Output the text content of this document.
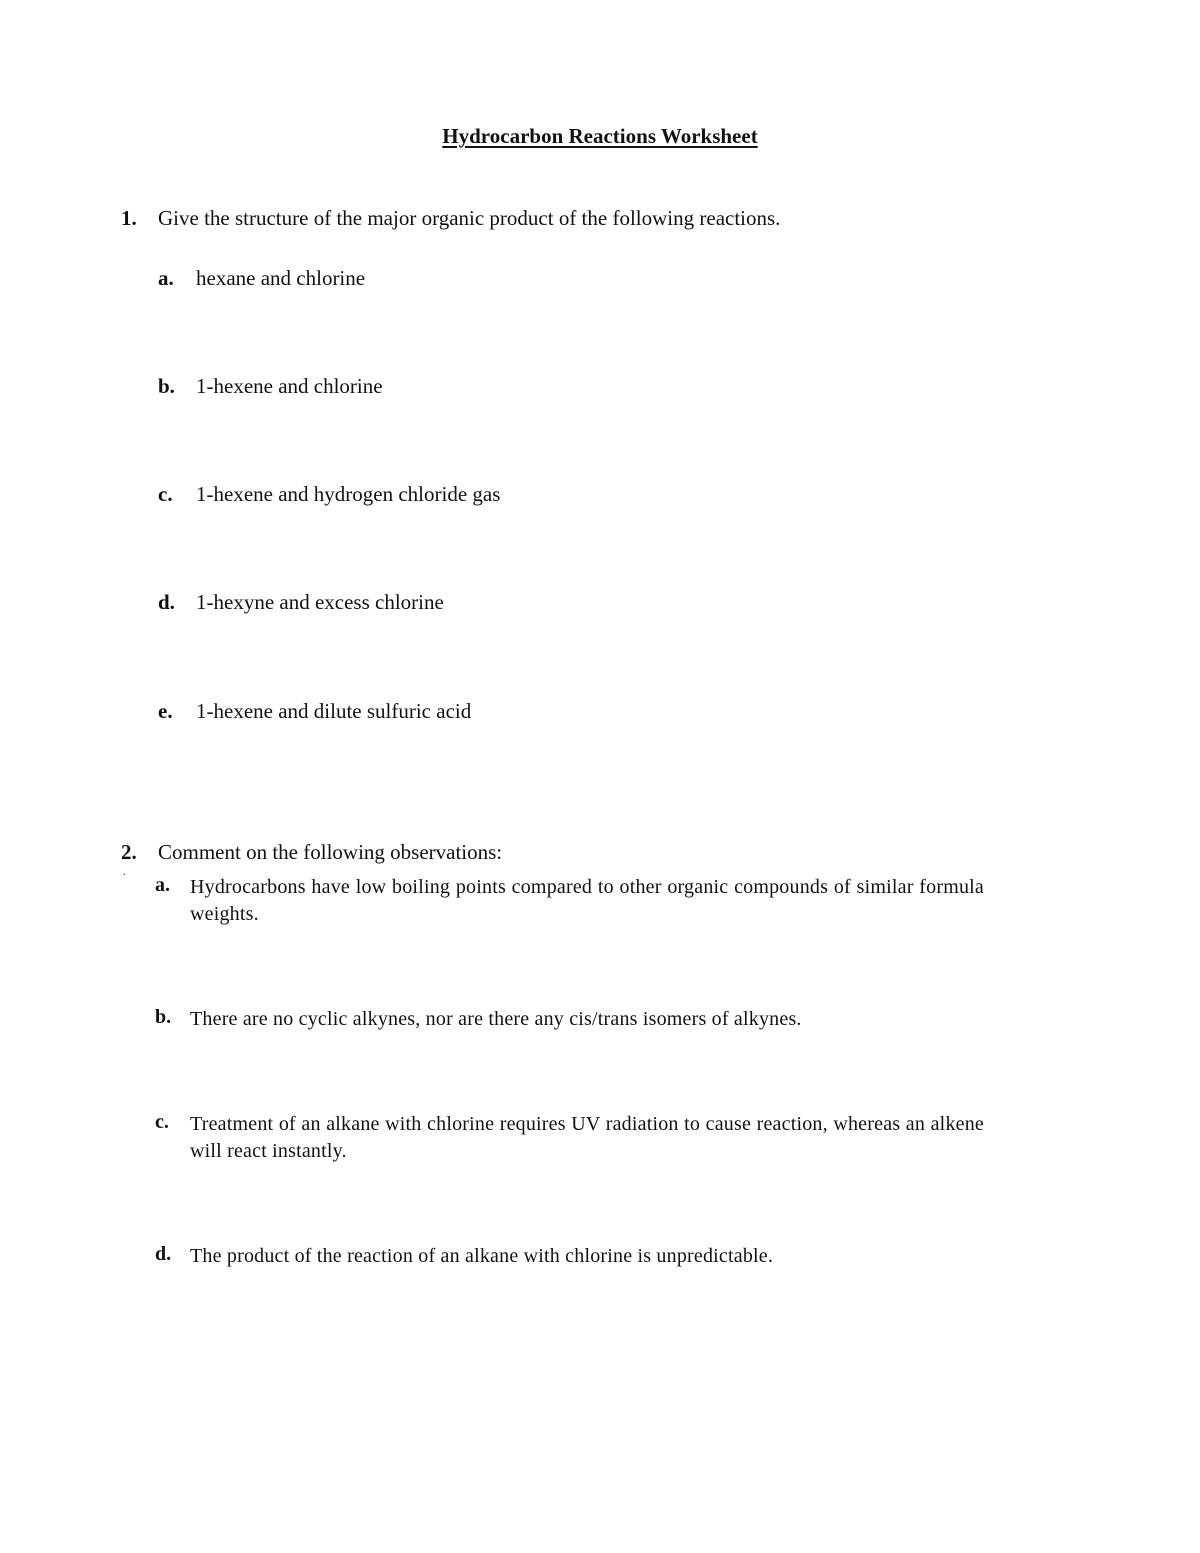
Hydrocarbon Reactions Worksheet
1. Give the structure of the major organic product of the following reactions.
a. hexane and chlorine
b. 1-hexene and chlorine
c. 1-hexene and hydrogen chloride gas
d. 1-hexyne and excess chlorine
e. 1-hexene and dilute sulfuric acid
2.
.
Comment on the following observations:
a. Hydrocarbons have low boiling points compared to other organic compounds of similar formula weights.
b. There are no cyclic alkynes, nor are there any cis/trans isomers of alkynes.
c. Treatment of an alkane with chlorine requires UV radiation to cause reaction, whereas an alkene will react instantly.
d. The product of the reaction of an alkane with chlorine is unpredictable.
